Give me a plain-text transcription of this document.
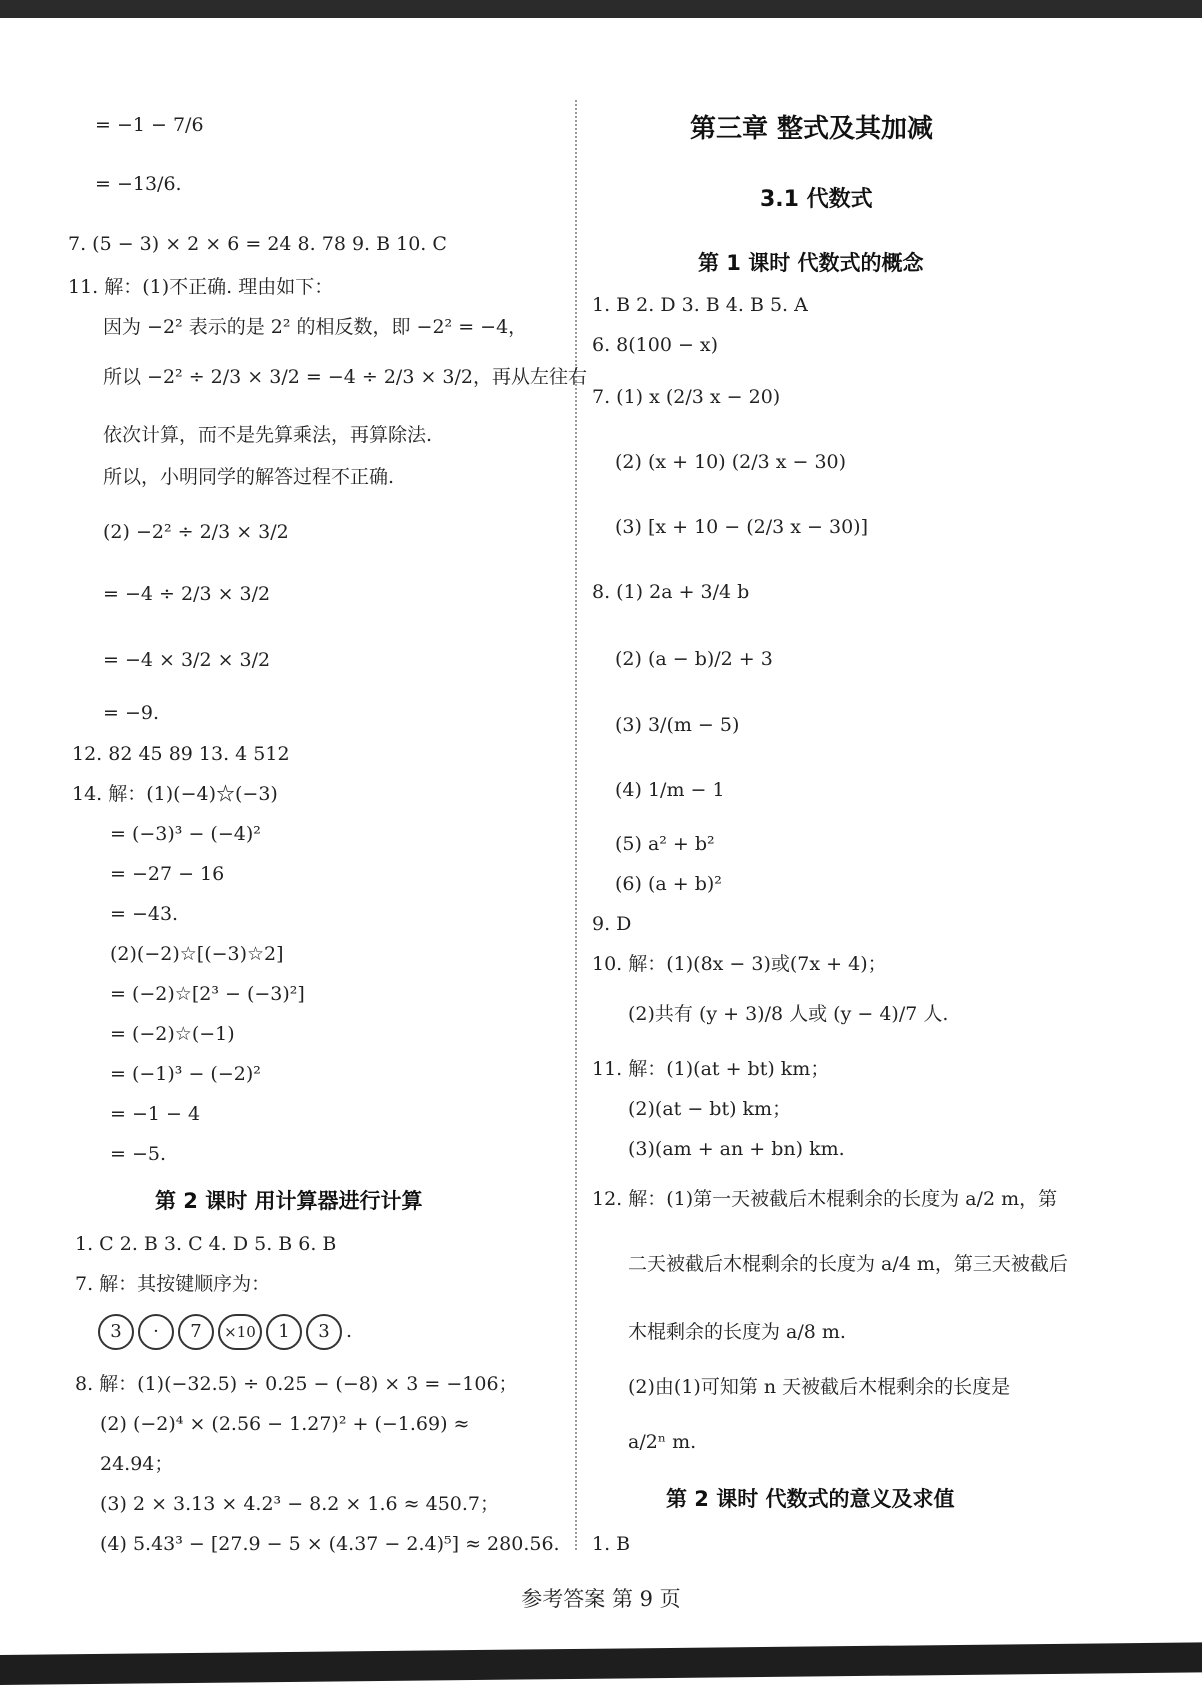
= −1 − 7/6
= −13/6.
7. (5 − 3) × 2 × 6 = 24 8. 78 9. B 10. C
11. 解：(1)不正确. 理由如下：
因为 −2² 表示的是 2² 的相反数，即 −2² = −4，
所以 −2² ÷ 2/3 × 3/2 = −4 ÷ 2/3 × 3/2，再从左往右
依次计算，而不是先算乘法，再算除法.
所以，小明同学的解答过程不正确.
(2) −2² ÷ 2/3 × 3/2
= −4 ÷ 2/3 × 3/2
= −4 × 3/2 × 3/2
= −9.
12. 82 45 89 13. 4 512
14. 解：(1)(−4)☆(−3)
= (−3)³ − (−4)²
= −27 − 16
= −43.
(2)(−2)☆[(−3)☆2]
= (−2)☆[2³ − (−3)²]
= (−2)☆(−1)
= (−1)³ − (−2)²
= −1 − 4
= −5.
第 2 课时 用计算器进行计算
1. C 2. B 3. C 4. D 5. B 6. B
7. 解：其按键顺序为：
3 · 7 ×10 1 3 .
8. 解：(1)(−32.5) ÷ 0.25 − (−8) × 3 = −106；
(2) (−2)⁴ × (2.56 − 1.27)² + (−1.69) ≈
24.94；
(3) 2 × 3.13 × 4.2³ − 8.2 × 1.6 ≈ 450.7；
(4) 5.43³ − [27.9 − 5 × (4.37 − 2.4)⁵] ≈ 280.56.
第三章 整式及其加减
3.1 代数式
第 1 课时 代数式的概念
1. B 2. D 3. B 4. B 5. A
6. 8(100 − x)
7. (1) x (2/3 x − 20)
(2) (x + 10) (2/3 x − 30)
(3) [x + 10 − (2/3 x − 30)]
8. (1) 2a + 3/4 b
(2) (a − b)/2 + 3
(3) 3/(m − 5)
(4) 1/m − 1
(5) a² + b²
(6) (a + b)²
9. D
10. 解：(1)(8x − 3)或(7x + 4)；
(2)共有 (y + 3)/8 人或 (y − 4)/7 人.
11. 解：(1)(at + bt) km；
(2)(at − bt) km；
(3)(am + an + bn) km.
12. 解：(1)第一天被截后木棍剩余的长度为 a/2 m，第
二天被截后木棍剩余的长度为 a/4 m，第三天被截后
木棍剩余的长度为 a/8 m.
(2)由(1)可知第 n 天被截后木棍剩余的长度是
a/2ⁿ m.
第 2 课时 代数式的意义及求值
1. B
参考答案 第 9 页
